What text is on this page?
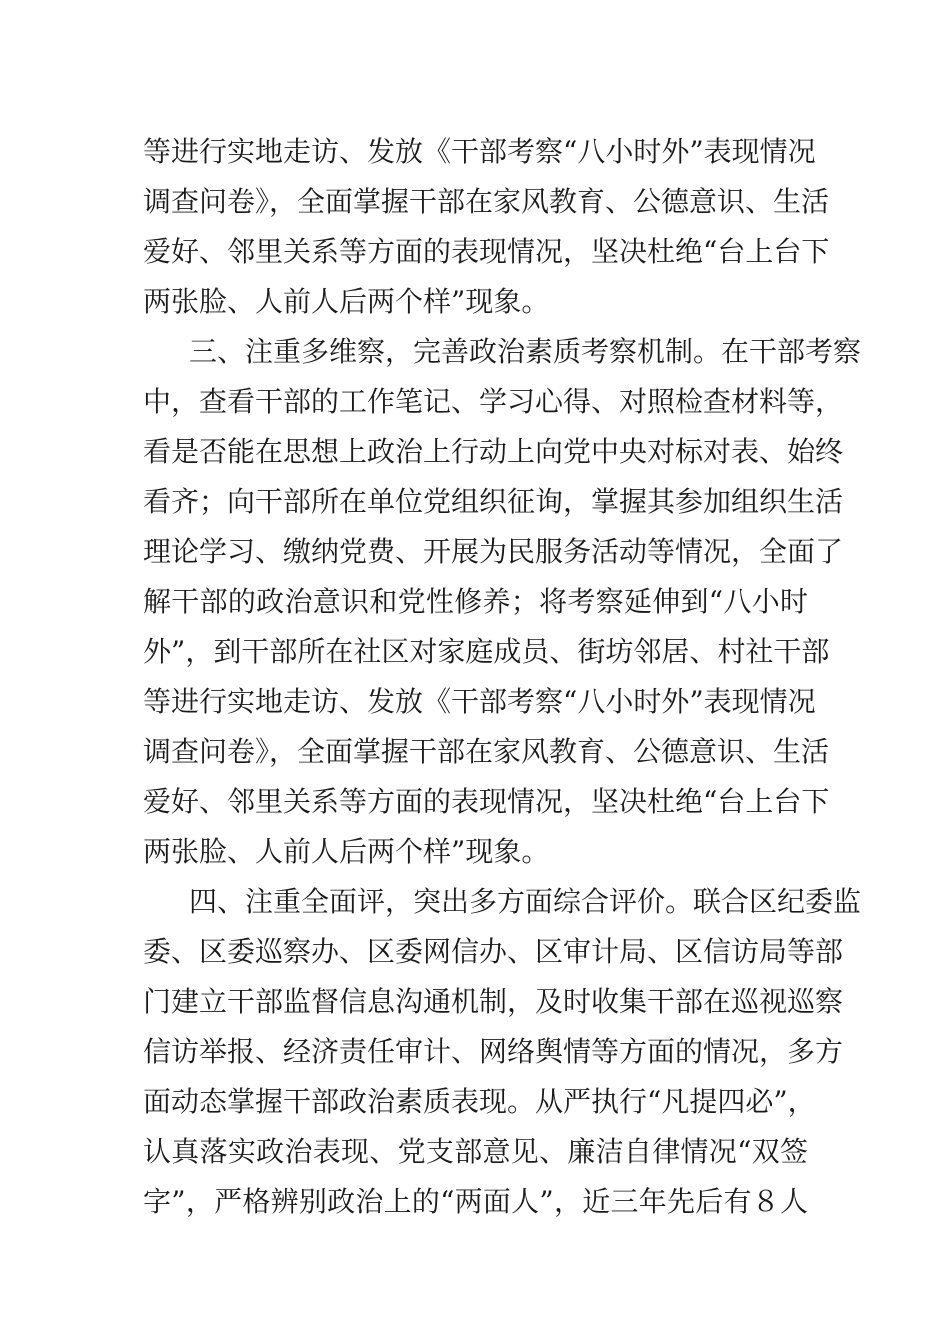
等进行实地走访、发放《干部考察“八小时外”表现情况
调查问卷》，全面掌握干部在家风教育、公德意识、生活
爱好、邻里关系等方面的表现情况，坚决杜绝“台上台下
两张脸、人前人后两个样”现象。
三、注重多维察，完善政治素质考察机制。在干部考察
中，查看干部的工作笔记、学习心得、对照检查材料等，
看是否能在思想上政治上行动上向党中央对标对表、始终
看齐；向干部所在单位党组织征询，掌握其参加组织生活
理论学习、缴纳党费、开展为民服务活动等情况，全面了
解干部的政治意识和党性修养；将考察延伸到“八小时
外”，到干部所在社区对家庭成员、街坊邻居、村社干部
等进行实地走访、发放《干部考察“八小时外”表现情况
调查问卷》，全面掌握干部在家风教育、公德意识、生活
爱好、邻里关系等方面的表现情况，坚决杜绝“台上台下
两张脸、人前人后两个样”现象。
四、注重全面评，突出多方面综合评价。联合区纪委监
委、区委巡察办、区委网信办、区审计局、区信访局等部
门建立干部监督信息沟通机制，及时收集干部在巡视巡察
信访举报、经济责任审计、网络舆情等方面的情况，多方
面动态掌握干部政治素质表现。从严执行“凡提四必”，
认真落实政治表现、党支部意见、廉洁自律情况“双签
字”，严格辨别政治上的“两面人”，近三年先后有８人
